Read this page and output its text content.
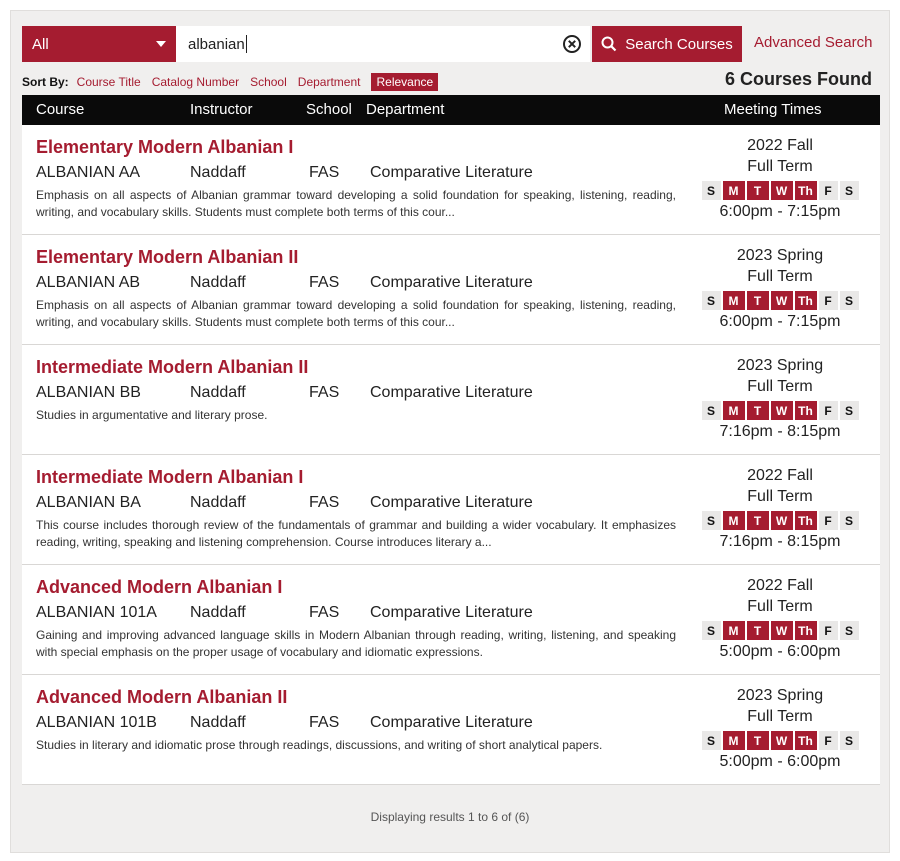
All	albanian	Search Courses Advanced Search
Sort By: Course Title Catalog Number School Department	Relevance	6 Courses Found
Course	Instructor	School Department	Meeting Times
Elementary Modern Albanian I
ALBANIAN AA	Naddaff	FAS Comparative Literature
Emphasis on all aspects of Albanian grammar toward developing a solid foundation for speaking, listening, reading, writing, and vocabulary skills. Students must complete both terms of this cour...
2022 Fall
Full Term
S	M	T	W Th F	S
6:00pm - 7:15pm
Elementary Modern Albanian II
ALBANIAN AB	Naddaff	FAS Comparative Literature
Emphasis on all aspects of Albanian grammar toward developing a solid foundation for speaking, listening, reading, writing, and vocabulary skills. Students must complete both terms of this cour...
2023 Spring
Full Term
S	M	T	W Th F	S
6:00pm - 7:15pm
Intermediate Modern Albanian II
ALBANIAN BB	Naddaff	FAS Comparative Literature
Studies in argumentative and literary prose.
2023 Spring
Full Term
S	M	T	W Th F	S
7:16pm - 8:15pm
Intermediate Modern Albanian I
ALBANIAN BA	Naddaff	FAS Comparative Literature
This course includes thorough review of the fundamentals of grammar and building a wider vocabulary. It emphasizes reading, writing, speaking and listening comprehension. Course introduces literary a...
2022 Fall
Full Term
S	M	T	W Th F	S
7:16pm - 8:15pm
Advanced Modern Albanian I
ALBANIAN 101A Naddaff	FAS Comparative Literature
Gaining and improving advanced language skills in Modern Albanian through reading, writing, listening, and speaking with special emphasis on the proper usage of vocabulary and idiomatic expressions.
2022 Fall
Full Term
S	M	T	W Th F	S
5:00pm - 6:00pm
Advanced Modern Albanian II
ALBANIAN 101B Naddaff	FAS Comparative Literature
Studies in literary and idiomatic prose through readings, discussions, and writing of short analytical papers.
2023 Spring
Full Term
S	M	T	W Th F	S
5:00pm - 6:00pm
Displaying results 1 to 6 of (6)
